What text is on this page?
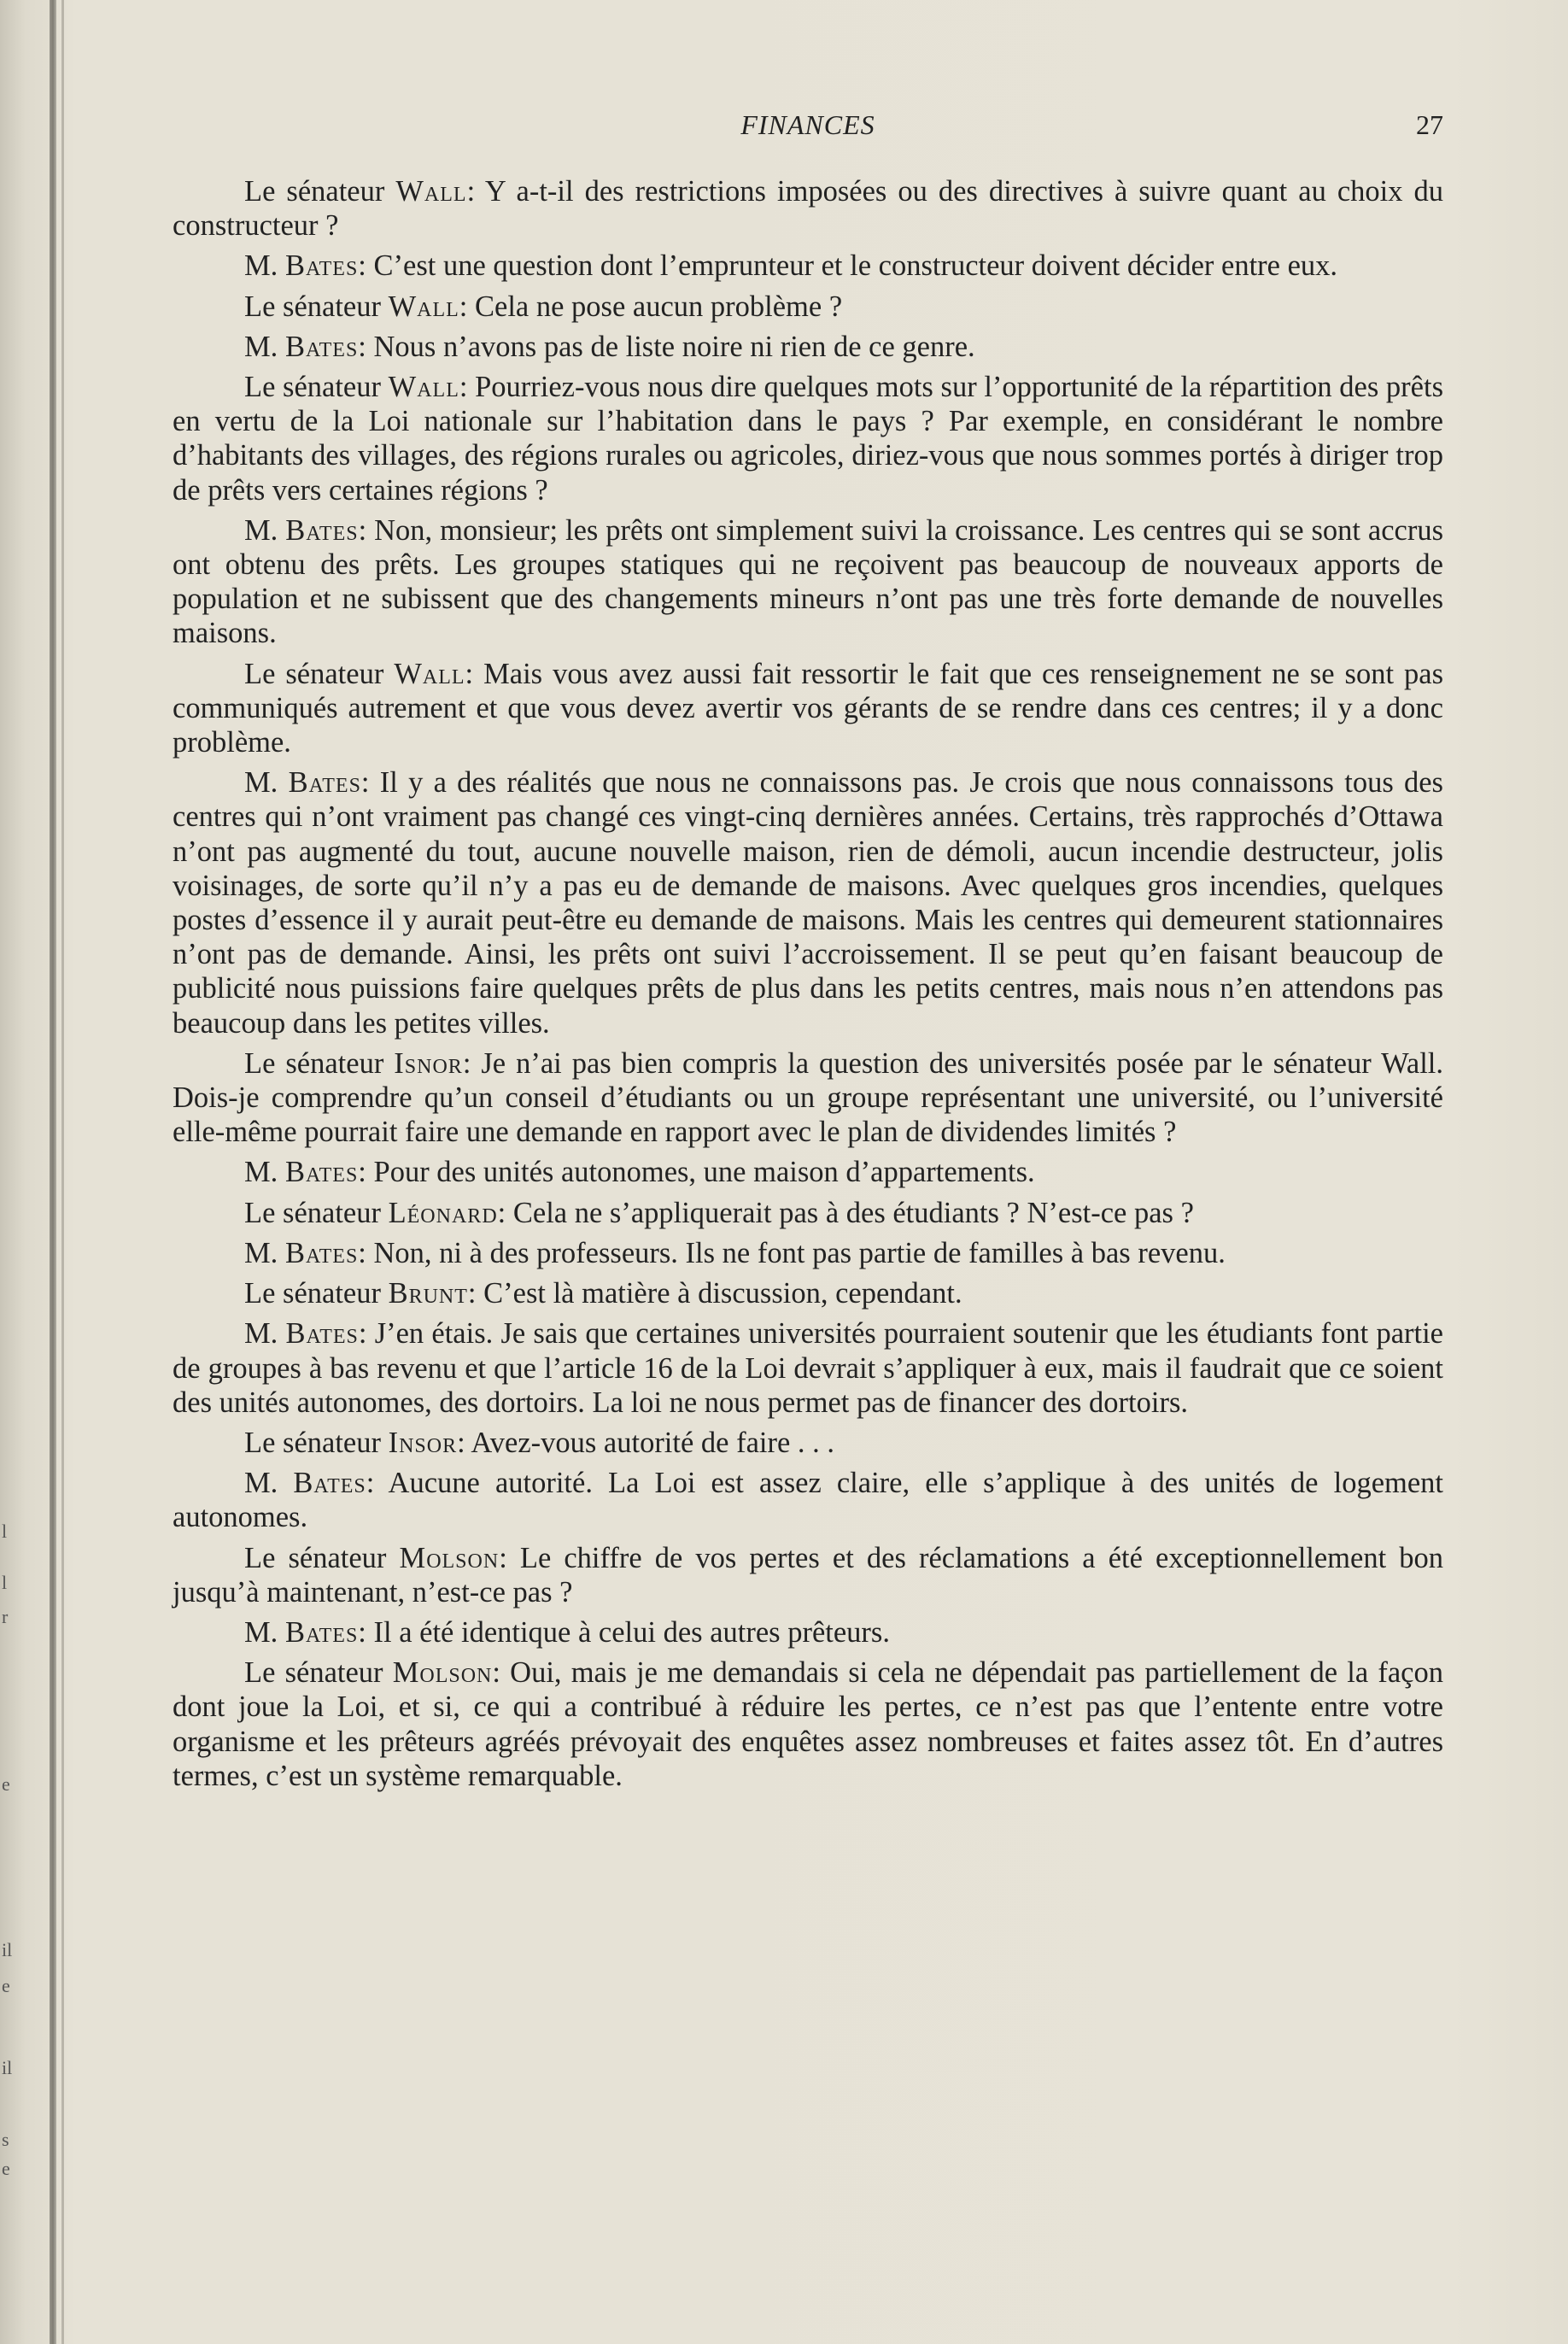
l
l
r
e
il
e
il
s
e
FINANCES	27

Le sénateur Wall: Y a-t-il des restrictions imposées ou des directives à suivre quant au choix du constructeur ?

M. Bates: C’est une question dont l’emprunteur et le constructeur doivent décider entre eux.

Le sénateur Wall: Cela ne pose aucun problème ?

M. Bates: Nous n’avons pas de liste noire ni rien de ce genre.

Le sénateur Wall: Pourriez-vous nous dire quelques mots sur l’opportunité de la répartition des prêts en vertu de la Loi nationale sur l’habitation dans le pays ? Par exemple, en considérant le nombre d’habitants des villages, des régions rurales ou agricoles, diriez-vous que nous sommes portés à diriger trop de prêts vers certaines régions ?

M. Bates: Non, monsieur; les prêts ont simplement suivi la croissance. Les centres qui se sont accrus ont obtenu des prêts. Les groupes statiques qui ne reçoivent pas beaucoup de nouveaux apports de population et ne subissent que des changements mineurs n’ont pas une très forte demande de nouvelles maisons.

Le sénateur Wall: Mais vous avez aussi fait ressortir le fait que ces renseignement ne se sont pas communiqués autrement et que vous devez avertir vos gérants de se rendre dans ces centres; il y a donc problème.

M. Bates: Il y a des réalités que nous ne connaissons pas. Je crois que nous connaissons tous des centres qui n’ont vraiment pas changé ces vingt-cinq dernières années. Certains, très rapprochés d’Ottawa n’ont pas augmenté du tout, aucune nouvelle maison, rien de démoli, aucun incendie destructeur, jolis voisinages, de sorte qu’il n’y a pas eu de demande de maisons. Avec quelques gros incendies, quelques postes d’essence il y aurait peut-être eu demande de maisons. Mais les centres qui demeurent stationnaires n’ont pas de demande. Ainsi, les prêts ont suivi l’accroissement. Il se peut qu’en faisant beaucoup de publicité nous puissions faire quelques prêts de plus dans les petits centres, mais nous n’en attendons pas beaucoup dans les petites villes.

Le sénateur Isnor: Je n’ai pas bien compris la question des universités posée par le sénateur Wall. Dois-je comprendre qu’un conseil d’étudiants ou un groupe représentant une université, ou l’université elle-même pourrait faire une demande en rapport avec le plan de dividendes limités ?

M. Bates: Pour des unités autonomes, une maison d’appartements.

Le sénateur Léonard: Cela ne s’appliquerait pas à des étudiants ? N’est-ce pas ?

M. Bates: Non, ni à des professeurs. Ils ne font pas partie de familles à bas revenu.

Le sénateur Brunt: C’est là matière à discussion, cependant.

M. Bates: J’en étais. Je sais que certaines universités pourraient soutenir que les étudiants font partie de groupes à bas revenu et que l’article 16 de la Loi devrait s’appliquer à eux, mais il faudrait que ce soient des unités autonomes, des dortoirs. La loi ne nous permet pas de financer des dortoirs.

Le sénateur Insor: Avez-vous autorité de faire . . .

M. Bates: Aucune autorité. La Loi est assez claire, elle s’applique à des unités de logement autonomes.

Le sénateur Molson: Le chiffre de vos pertes et des réclamations a été exceptionnellement bon jusqu’à maintenant, n’est-ce pas ?

M. Bates: Il a été identique à celui des autres prêteurs.

Le sénateur Molson: Oui, mais je me demandais si cela ne dépendait pas partiellement de la façon dont joue la Loi, et si, ce qui a contribué à réduire les pertes, ce n’est pas que l’entente entre votre organisme et les prêteurs agréés prévoyait des enquêtes assez nombreuses et faites assez tôt. En d’autres termes, c’est un système remarquable.
